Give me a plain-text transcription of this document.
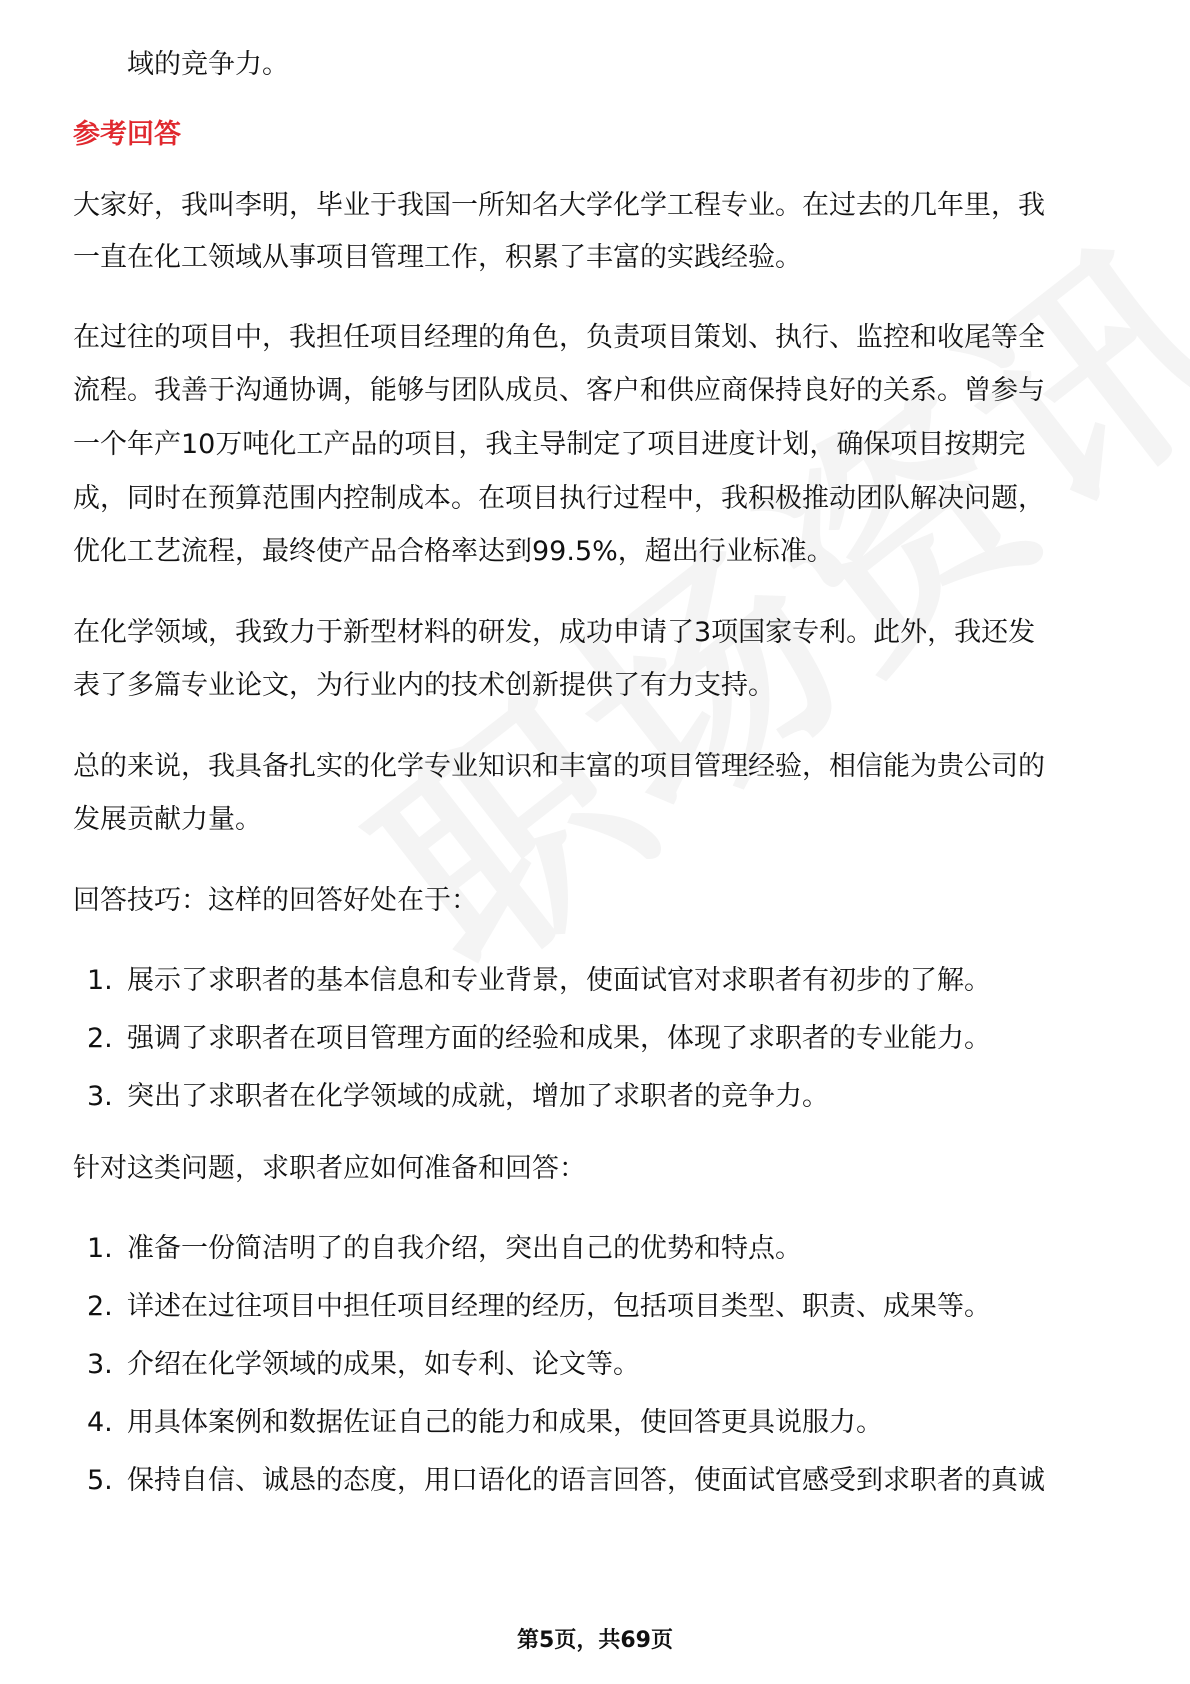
域的竞争力。

参考回答

大家好，我叫李明，毕业于我国一所知名大学化学工程专业。在过去的几年里，我

一直在化工领域从事项目管理工作，积累了丰富的实践经验。

在过往的项目中，我担任项目经理的角色，负责项目策划、执行、监控和收尾等全

流程。我善于沟通协调，能够与团队成员、客户和供应商保持良好的关系。曾参与

一个年产10万吨化工产品的项目，我主导制定了项目进度计划，确保项目按期完

成，同时在预算范围内控制成本。在项目执行过程中，我积极推动团队解决问题，

优化工艺流程，最终使产品合格率达到99.5%，超出行业标准。

在化学领域，我致力于新型材料的研发，成功申请了3项国家专利。此外，我还发

表了多篇专业论文，为行业内的技术创新提供了有力支持。

总的来说，我具备扎实的化学专业知识和丰富的项目管理经验，相信能为贵公司的

发展贡献力量。

回答技巧：这样的回答好处在于：

1. 展示了求职者的基本信息和专业背景，使面试官对求职者有初步的了解。
2. 强调了求职者在项目管理方面的经验和成果，体现了求职者的专业能力。
3. 突出了求职者在化学领域的成就，增加了求职者的竞争力。

针对这类问题，求职者应如何准备和回答：

1. 准备一份简洁明了的自我介绍，突出自己的优势和特点。
2. 详述在过往项目中担任项目经理的经历，包括项目类型、职责、成果等。
3. 介绍在化学领域的成果，如专利、论文等。
4. 用具体案例和数据佐证自己的能力和成果，使回答更具说服力。
5. 保持自信、诚恳的态度，用口语化的语言回答，使面试官感受到求职者的真诚
第5页，共69页
